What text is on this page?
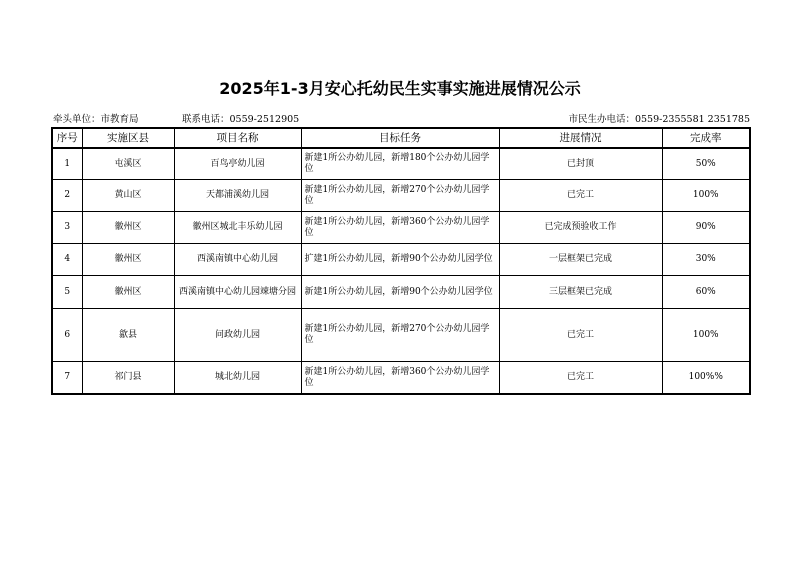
2025年1-3月安心托幼民生实事实施进展情况公示
牵头单位：市教育局	联系电话：0559-2512905	市民生办电话：0559-2355581 2351785
序号	实施区县	项目名称	目标任务	进展情况	完成率
1	屯溪区	百鸟亭幼儿园	新建1所公办幼儿园，新增180个公办幼儿园学位	已封顶	50%
2	黄山区	天都浦溪幼儿园	新建1所公办幼儿园，新增270个公办幼儿园学位	已完工	100%
3	徽州区	徽州区城北丰乐幼儿园	新建1所公办幼儿园，新增360个公办幼儿园学位	已完成预验收工作	90%
4	徽州区	西溪南镇中心幼儿园	扩建1所公办幼儿园，新增90个公办幼儿园学位	一层框架已完成	30%
5	徽州区	西溪南镇中心幼儿园竦塘分园	新建1所公办幼儿园，新增90个公办幼儿园学位	三层框架已完成	60%
6	歙县	问政幼儿园	新建1所公办幼儿园，新增270个公办幼儿园学位	已完工	100%
7	祁门县	城北幼儿园	新建1所公办幼儿园，新增360个公办幼儿园学位	已完工	100%%
